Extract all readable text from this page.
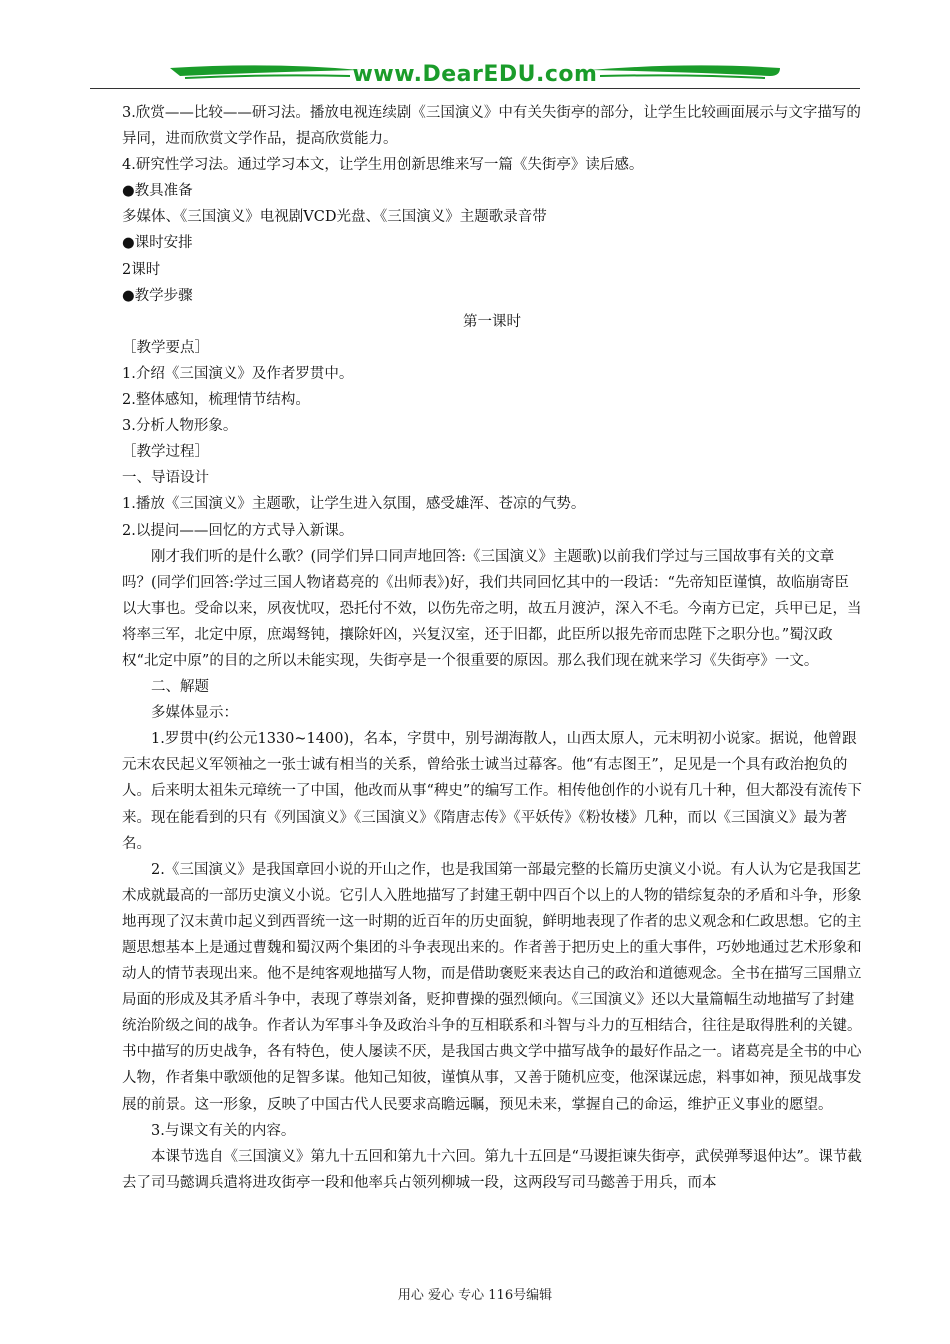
www.DearEDU.com

3.欣赏——比较——研习法。播放电视连续剧《三国演义》中有关失街亭的部分，让学生比较画面展示与文字描写的异同，进而欣赏文学作品，提高欣赏能力。

4.研究性学习法。通过学习本文，让学生用创新思维来写一篇《失街亭》读后感。

●教具准备

多媒体、《三国演义》电视剧VCD光盘、《三国演义》主题歌录音带

●课时安排

2课时

●教学步骤

第一课时

［教学要点］

1.介绍《三国演义》及作者罗贯中。

2.整体感知，梳理情节结构。

3.分析人物形象。

［教学过程］

一、导语设计

1.播放《三国演义》主题歌，让学生进入氛围，感受雄浑、苍凉的气势。

2.以提问——回忆的方式导入新课。

刚才我们听的是什么歌？(同学们异口同声地回答:《三国演义》主题歌)以前我们学过与三国故事有关的文章吗？(同学们回答:学过三国人物诸葛亮的《出师表》)好，我们共同回忆其中的一段话：“先帝知臣谨慎，故临崩寄臣以大事也。受命以来，夙夜忧叹，恐托付不效，以伤先帝之明，故五月渡泸，深入不毛。今南方已定，兵甲已足，当将率三军，北定中原，庶竭驽钝，攘除奸凶，兴复汉室，还于旧都，此臣所以报先帝而忠陛下之职分也。”蜀汉政权“北定中原”的目的之所以未能实现，失街亭是一个很重要的原因。那么我们现在就来学习《失街亭》一文。

二、解题

多媒体显示：

1.罗贯中(约公元1330~1400)，名本，字贯中，别号湖海散人，山西太原人，元末明初小说家。据说，他曾跟元末农民起义军领袖之一张士诚有相当的关系，曾给张士诚当过幕客。他“有志图王”，足见是一个具有政治抱负的人。后来明太祖朱元璋统一了中国，他改而从事“稗史”的编写工作。相传他创作的小说有几十种，但大都没有流传下来。现在能看到的只有《列国演义》《三国演义》《隋唐志传》《平妖传》《粉妆楼》几种，而以《三国演义》最为著名。

2.《三国演义》是我国章回小说的开山之作，也是我国第一部最完整的长篇历史演义小说。有人认为它是我国艺术成就最高的一部历史演义小说。它引人入胜地描写了封建王朝中四百个以上的人物的错综复杂的矛盾和斗争，形象地再现了汉末黄巾起义到西晋统一这一时期的近百年的历史面貌，鲜明地表现了作者的忠义观念和仁政思想。它的主题思想基本上是通过曹魏和蜀汉两个集团的斗争表现出来的。作者善于把历史上的重大事件，巧妙地通过艺术形象和动人的情节表现出来。他不是纯客观地描写人物，而是借助褒贬来表达自己的政治和道德观念。全书在描写三国鼎立局面的形成及其矛盾斗争中，表现了尊崇刘备，贬抑曹操的强烈倾向。《三国演义》还以大量篇幅生动地描写了封建统治阶级之间的战争。作者认为军事斗争及政治斗争的互相联系和斗智与斗力的互相结合，往往是取得胜利的关键。书中描写的历史战争，各有特色，使人屡读不厌，是我国古典文学中描写战争的最好作品之一。诸葛亮是全书的中心人物，作者集中歌颂他的足智多谋。他知己知彼，谨慎从事，又善于随机应变，他深谋远虑，料事如神，预见战事发展的前景。这一形象，反映了中国古代人民要求高瞻远瞩，预见未来，掌握自己的命运，维护正义事业的愿望。

3.与课文有关的内容。

本课节选自《三国演义》第九十五回和第九十六回。第九十五回是“马谡拒谏失街亭，武侯弹琴退仲达”。课节截去了司马懿调兵遣将进攻街亭一段和他率兵占领列柳城一段，这两段写司马懿善于用兵，而本

用心 爱心 专心 116号编辑
